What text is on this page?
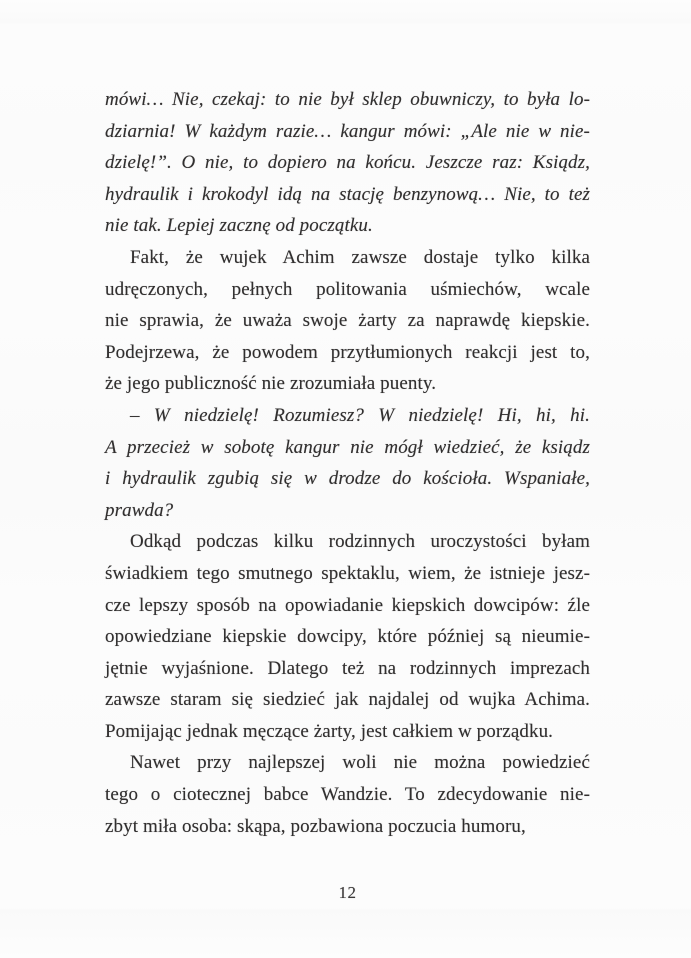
mówi… Nie, czekaj: to nie był sklep obuwniczy, to była lo-
dziarnia! W każdym razie… kangur mówi: „Ale nie w nie-
dzielę!”. O nie, to dopiero na końcu. Jeszcze raz: Ksiądz,
hydraulik i krokodyl idą na stację benzynową… Nie, to też
nie tak. Lepiej zacznę od początku.
Fakt, że wujek Achim zawsze dostaje tylko kilka
udręczonych, pełnych politowania uśmiechów, wcale
nie sprawia, że uważa swoje żarty za naprawdę kiepskie.
Podejrzewa, że powodem przytłumionych reakcji jest to,
że jego publiczność nie zrozumiała puenty.
– W niedzielę! Rozumiesz? W niedzielę! Hi, hi, hi.
A przecież w sobotę kangur nie mógł wiedzieć, że ksiądz
i hydraulik zgubią się w drodze do kościoła. Wspaniałe,
prawda?
Odkąd podczas kilku rodzinnych uroczystości byłam
świadkiem tego smutnego spektaklu, wiem, że istnieje jesz-
cze lepszy sposób na opowiadanie kiepskich dowcipów: źle
opowiedziane kiepskie dowcipy, które później są nieumie-
jętnie wyjaśnione. Dlatego też na rodzinnych imprezach
zawsze staram się siedzieć jak najdalej od wujka Achima.
Pomijając jednak męczące żarty, jest całkiem w porządku.
Nawet przy najlepszej woli nie można powiedzieć
tego o ciotecznej babce Wandzie. To zdecydowanie nie-
zbyt miła osoba: skąpa, pozbawiona poczucia humoru,
12
